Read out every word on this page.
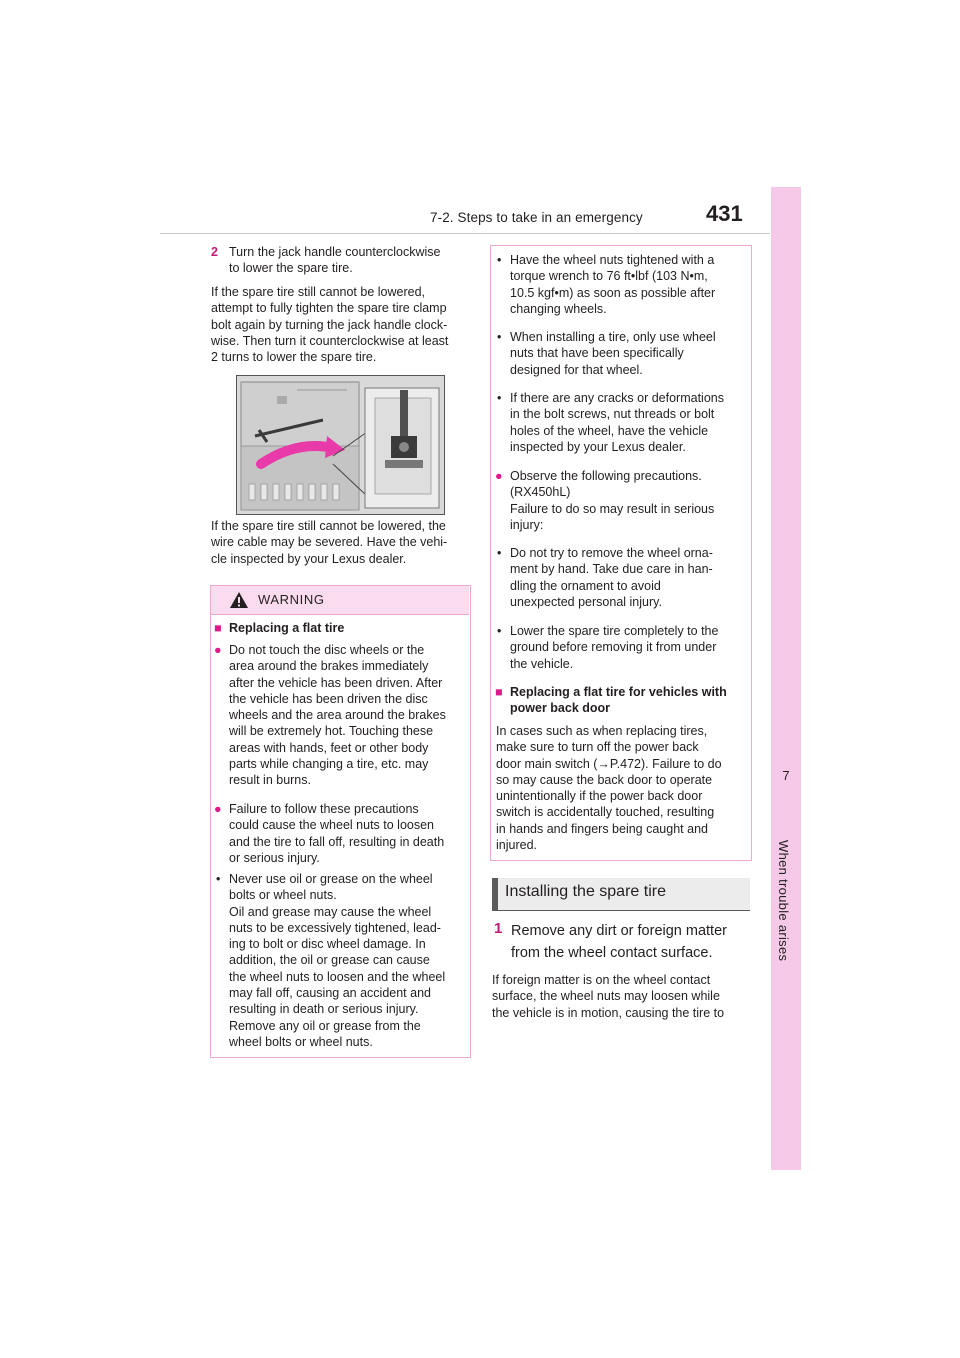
7-2. Steps to take in an emergency	431
7
When trouble arises
2 Turn the jack handle counterclockwise
to lower the spare tire.
If the spare tire still cannot be lowered,
attempt to fully tighten the spare tire clamp
bolt again by turning the jack handle clock-
wise. Then turn it counterclockwise at least
2 turns to lower the spare tire.
If the spare tire still cannot be lowered, the
wire cable may be severed. Have the vehi-
cle inspected by your Lexus dealer.
WARNING
■ Replacing a flat tire
● Do not touch the disc wheels or the
area around the brakes immediately
after the vehicle has been driven. After
the vehicle has been driven the disc
wheels and the area around the brakes
will be extremely hot. Touching these
areas with hands, feet or other body
parts while changing a tire, etc. may
result in burns.
● Failure to follow these precautions
could cause the wheel nuts to loosen
and the tire to fall off, resulting in death
or serious injury.
• Never use oil or grease on the wheel
bolts or wheel nuts.
Oil and grease may cause the wheel
nuts to be excessively tightened, lead-
ing to bolt or disc wheel damage. In
addition, the oil or grease can cause
the wheel nuts to loosen and the wheel
may fall off, causing an accident and
resulting in death or serious injury.
Remove any oil or grease from the
wheel bolts or wheel nuts.
• Have the wheel nuts tightened with a
torque wrench to 76 ft•lbf (103 N•m,
10.5 kgf•m) as soon as possible after
changing wheels.
• When installing a tire, only use wheel
nuts that have been specifically
designed for that wheel.
• If there are any cracks or deformations
in the bolt screws, nut threads or bolt
holes of the wheel, have the vehicle
inspected by your Lexus dealer.
● Observe the following precautions.
(RX450hL)
Failure to do so may result in serious
injury:
• Do not try to remove the wheel orna-
ment by hand. Take due care in han-
dling the ornament to avoid
unexpected personal injury.
• Lower the spare tire completely to the
ground before removing it from under
the vehicle.
■ Replacing a flat tire for vehicles with
power back door
In cases such as when replacing tires,
make sure to turn off the power back
door main switch (→P.472). Failure to do
so may cause the back door to operate
unintentionally if the power back door
switch is accidentally touched, resulting
in hands and fingers being caught and
injured.
Installing the spare tire
1 Remove any dirt or foreign matter
from the wheel contact surface.
If foreign matter is on the wheel contact
surface, the wheel nuts may loosen while
the vehicle is in motion, causing the tire to
